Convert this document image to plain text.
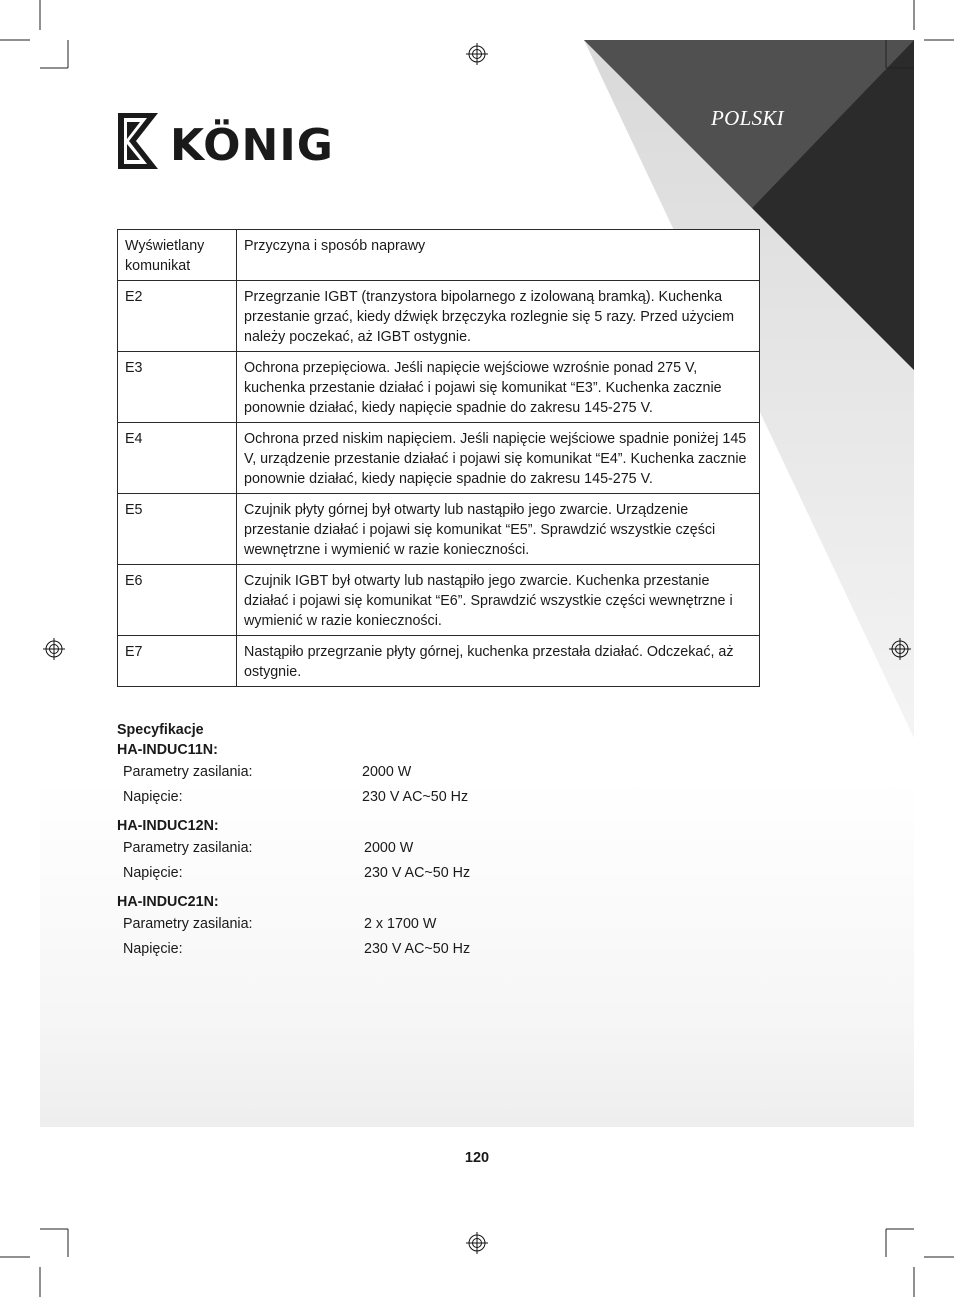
KÖNIG
POLSKI
Wyświetlany komunikat	Przyczyna i sposób naprawy
E2	Przegrzanie IGBT (tranzystora bipolarnego z izolowaną bramką). Kuchenka przestanie grzać, kiedy dźwięk brzęczyka rozlegnie się 5 razy. Przed użyciem należy poczekać, aż IGBT ostygnie.
E3	Ochrona przepięciowa. Jeśli napięcie wejściowe wzrośnie ponad 275 V, kuchenka przestanie działać i pojawi się komunikat “E3”. Kuchenka zacznie ponownie działać, kiedy napięcie spadnie do zakresu 145-275 V.
E4	Ochrona przed niskim napięciem. Jeśli napięcie wejściowe spadnie poniżej 145 V, urządzenie przestanie działać i pojawi się komunikat “E4”. Kuchenka zacznie ponownie działać, kiedy napięcie spadnie do zakresu 145-275 V.
E5	Czujnik płyty górnej był otwarty lub nastąpiło jego zwarcie. Urządzenie przestanie działać i pojawi się komunikat “E5”. Sprawdzić wszystkie części wewnętrzne i wymienić w razie konieczności.
E6	Czujnik IGBT był otwarty lub nastąpiło jego zwarcie. Kuchenka przestanie działać i pojawi się komunikat “E6”. Sprawdzić wszystkie części wewnętrzne i wymienić w razie konieczności.
E7	Nastąpiło przegrzanie płyty górnej, kuchenka przestała działać. Odczekać, aż ostygnie.
Specyfikacje
HA-INDUC11N:
Parametry zasilania:	2000 W
Napięcie:	230 V AC~50 Hz
HA-INDUC12N:
Parametry zasilania:	2000 W
Napięcie:	230 V AC~50 Hz
HA-INDUC21N:
Parametry zasilania:	2 x 1700 W
Napięcie:	230 V AC~50 Hz
120
